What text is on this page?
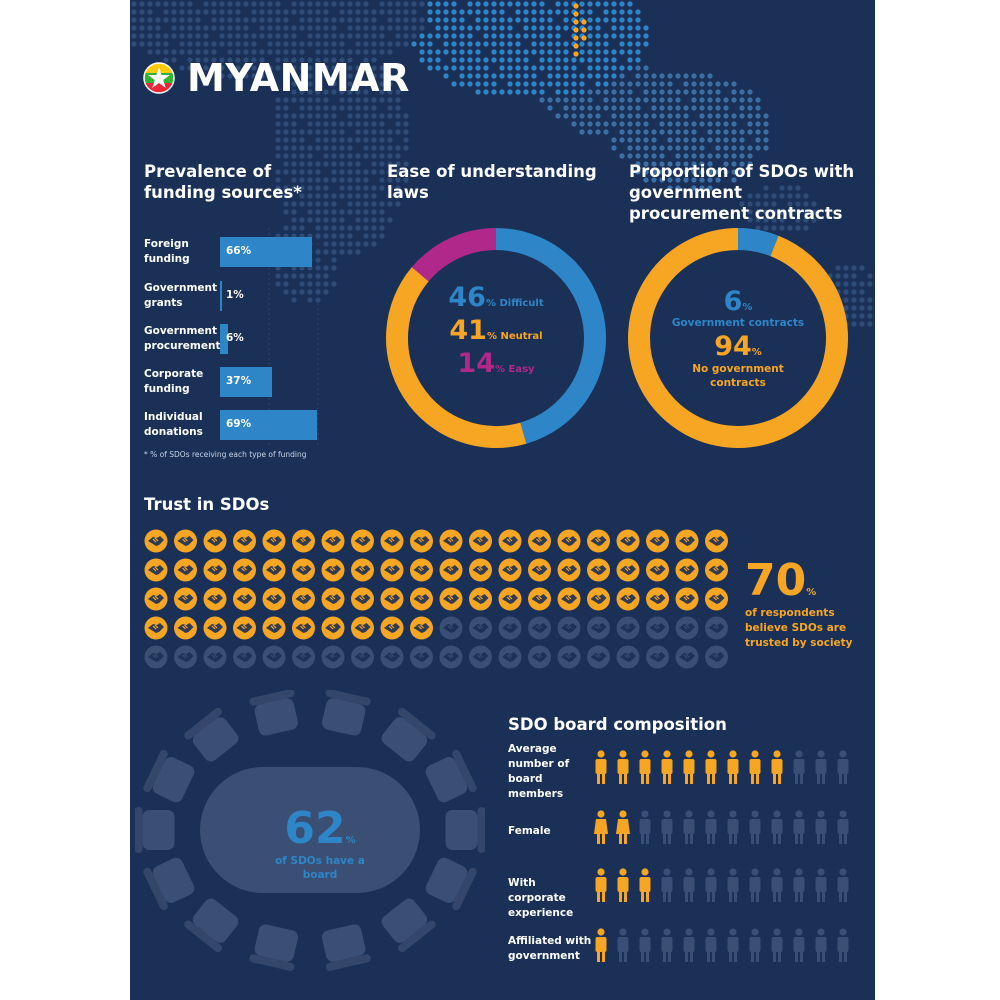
MYANMAR
Prevalence of funding sources*
Foreign funding
66%
Government grants
1%
Government procurement
6%
Corporate funding
37%
Individual donations
69%
* % of SDOs receiving each type of funding
Ease of understanding laws
46% Difficult
41% Neutral
14% Easy
Proportion of SDOs with government procurement contracts
6%
Government contracts
94%
No government contracts
Trust in SDOs
70%
of respondents believe SDOs are trusted by society
62%
of SDOs have a board
SDO board composition
Average number of board members
Female
With corporate experience
Affiliated with government
